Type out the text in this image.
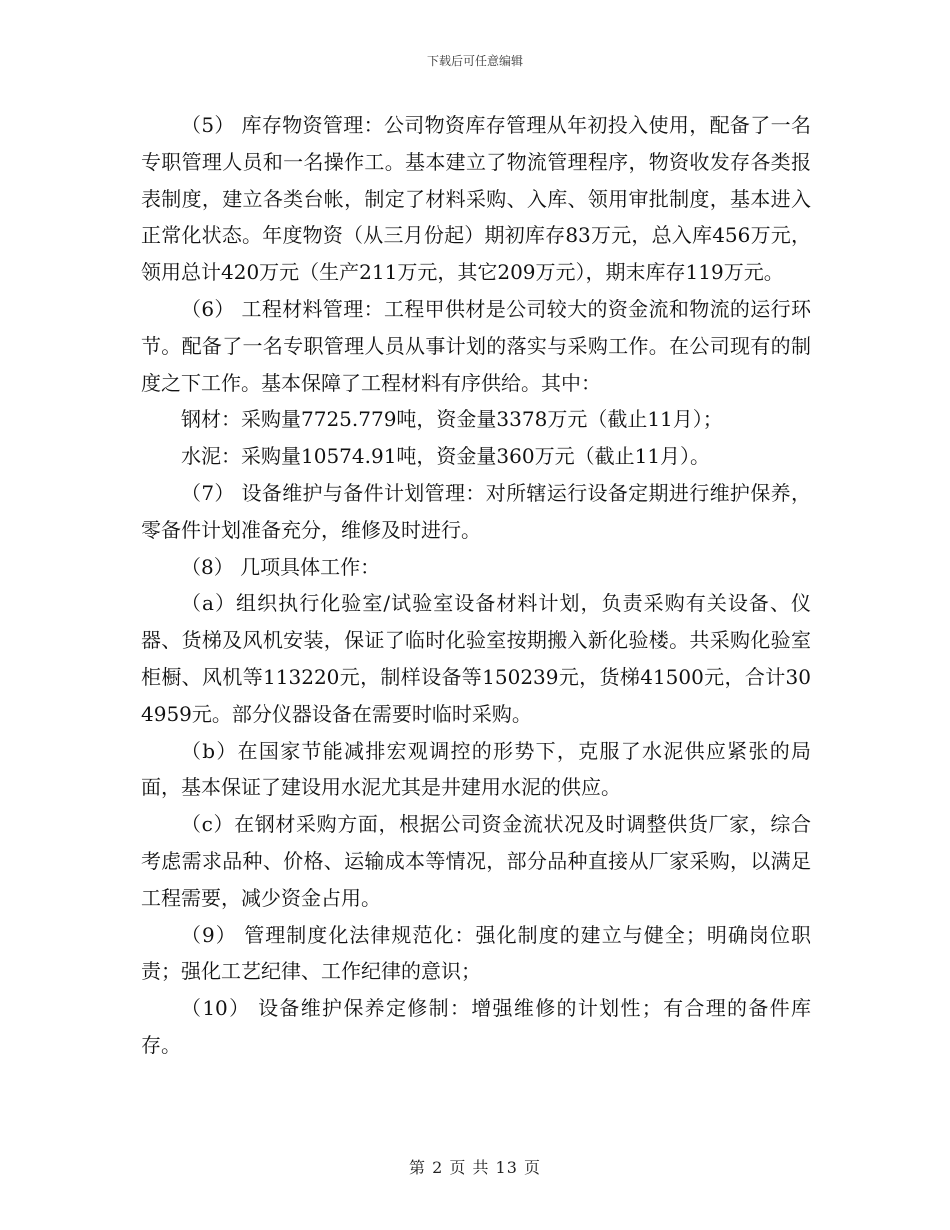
下载后可任意编辑

（5） 库存物资管理：公司物资库存管理从年初投入使用，配备了一名专职管理人员和一名操作工。基本建立了物流管理程序，物资收发存各类报表制度，建立各类台帐，制定了材料采购、入库、领用审批制度，基本进入正常化状态。年度物资（从三月份起）期初库存83万元，总入库456万元，领用总计420万元（生产211万元，其它209万元），期末库存119万元。

（6） 工程材料管理：工程甲供材是公司较大的资金流和物流的运行环节。配备了一名专职管理人员从事计划的落实与采购工作。在公司现有的制度之下工作。基本保障了工程材料有序供给。其中：

钢材：采购量7725.779吨，资金量3378万元（截止11月）；

水泥：采购量10574.91吨，资金量360万元（截止11月）。

（7） 设备维护与备件计划管理：对所辖运行设备定期进行维护保养，零备件计划准备充分，维修及时进行。

（8） 几项具体工作：

（a）组织执行化验室/试验室设备材料计划，负责采购有关设备、仪器、货梯及风机安装，保证了临时化验室按期搬入新化验楼。共采购化验室柜橱、风机等113220元，制样设备等150239元，货梯41500元，合计304959元。部分仪器设备在需要时临时采购。

（b）在国家节能减排宏观调控的形势下，克服了水泥供应紧张的局面，基本保证了建设用水泥尤其是井建用水泥的供应。

（c）在钢材采购方面，根据公司资金流状况及时调整供货厂家，综合考虑需求品种、价格、运输成本等情况，部分品种直接从厂家采购，以满足工程需要，减少资金占用。

（9） 管理制度化法律规范化：强化制度的建立与健全；明确岗位职责；强化工艺纪律、工作纪律的意识；

（10） 设备维护保养定修制：增强维修的计划性；有合理的备件库存。

第 2 页 共 13 页
